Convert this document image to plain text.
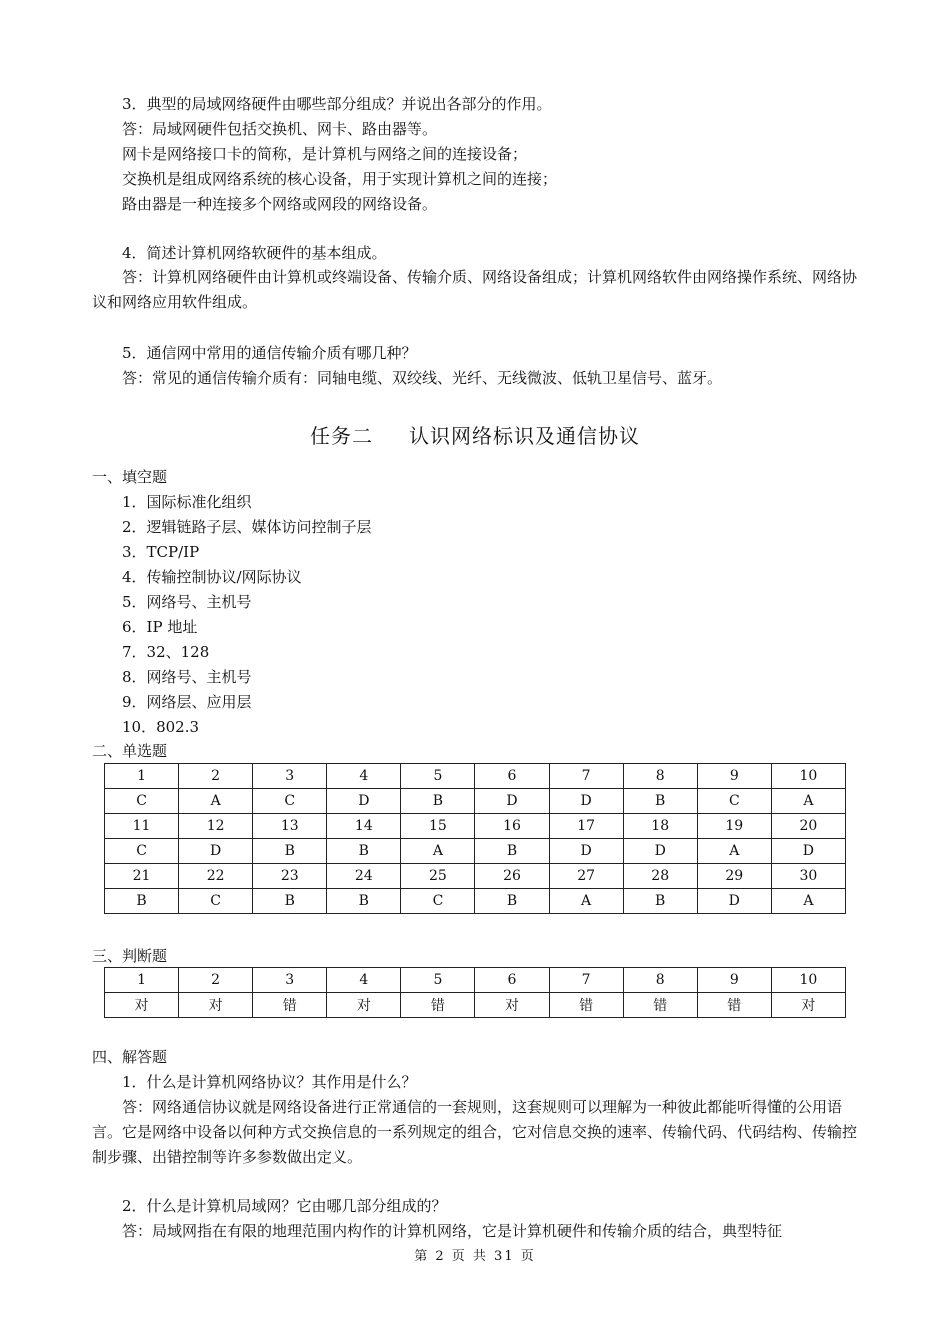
3．典型的局域网络硬件由哪些部分组成？并说出各部分的作用。
答：局域网硬件包括交换机、网卡、路由器等。
网卡是网络接口卡的简称，是计算机与网络之间的连接设备；
交换机是组成网络系统的核心设备，用于实现计算机之间的连接；
路由器是一种连接多个网络或网段的网络设备。
4．简述计算机网络软硬件的基本组成。
答：计算机网络硬件由计算机或终端设备、传输介质、网络设备组成；计算机网络软件由网络操作系统、网络协议和网络应用软件组成。
5．通信网中常用的通信传输介质有哪几种？
答：常见的通信传输介质有：同轴电缆、双绞线、光纤、无线微波、低轨卫星信号、蓝牙。
任务二 认识网络标识及通信协议
一、填空题
1．国际标准化组织
2．逻辑链路子层、媒体访问控制子层
3．TCP/IP
4．传输控制协议/网际协议
5．网络号、主机号
6．IP 地址
7．32、128
8．网络号、主机号
9．网络层、应用层
10．802.3
二、单选题
1	2	3	4	5	6	7	8	9	10
C	A	C	D	B	D	D	B	C	A
11	12	13	14	15	16	17	18	19	20
C	D	B	B	A	B	D	D	A	D
21	22	23	24	25	26	27	28	29	30
B	C	B	B	C	B	A	B	D	A
三、判断题
1	2	3	4	5	6	7	8	9	10
对	对	错	对	错	对	错	错	错	对
四、解答题
1．什么是计算机网络协议？其作用是什么？
答：网络通信协议就是网络设备进行正常通信的一套规则，这套规则可以理解为一种彼此都能听得懂的公用语言。它是网络中设备以何种方式交换信息的一系列规定的组合，它对信息交换的速率、传输代码、代码结构、传输控制步骤、出错控制等许多参数做出定义。
2．什么是计算机局域网？它由哪几部分组成的？
答：局域网指在有限的地理范围内构作的计算机网络，它是计算机硬件和传输介质的结合，典型特征
第 2 页 共 31 页
